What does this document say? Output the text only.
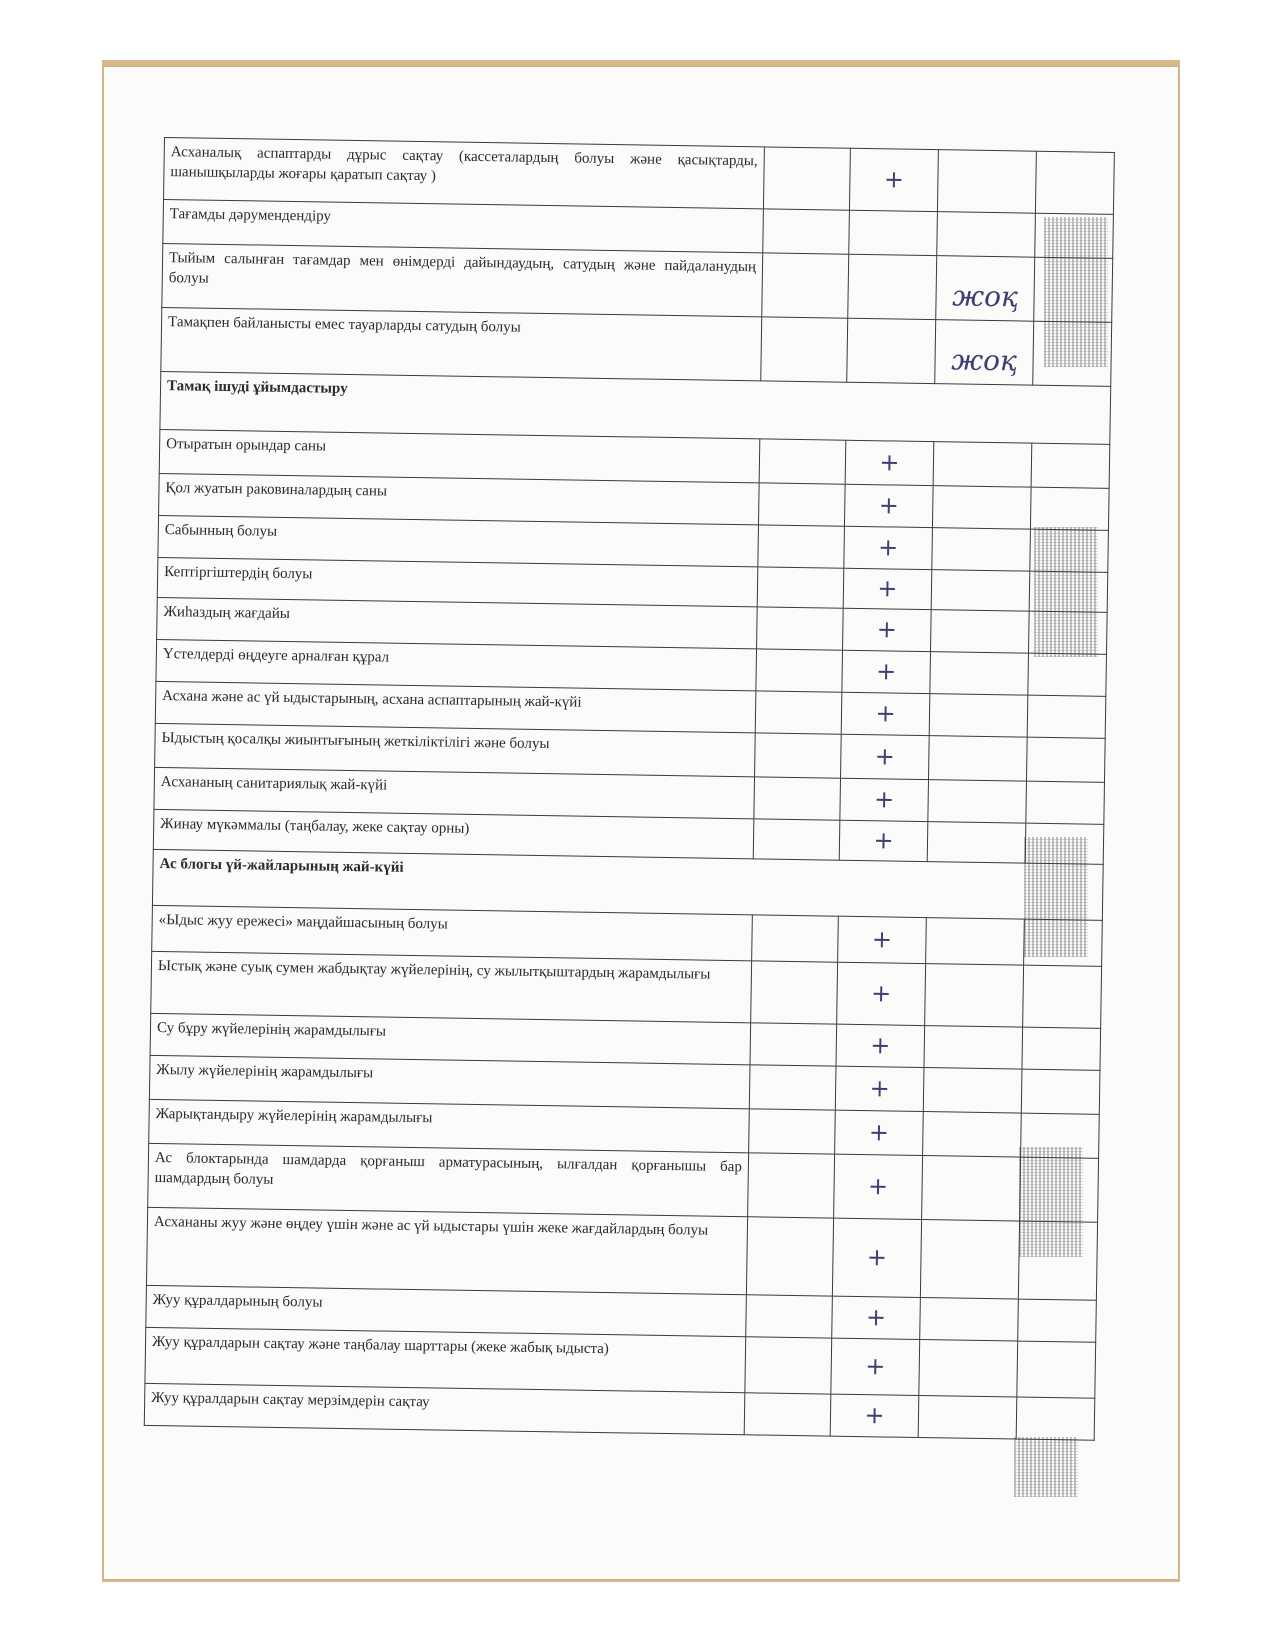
Асханалық аспаптарды дұрыс сақтау (кассеталардың болуы және қасықтарды, шанышқыларды жоғары қаратып сақтау )		+		
Тағамды дәрумендендіру				
Тыйым салынған тағамдар мен өнімдерді дайындаудың, сатудың және пайдаланудың болуы			жоқ	
Тамақпен байланысты емес тауарларды сатудың болуы			жоқ	
Тамақ ішуді ұйымдастыру				
Отыратын орындар саны		+		
Қол жуатын раковиналардың саны		+		
Сабынның болуы		+		
Кептіргіштердің болуы		+		
Жиһаздың жағдайы		+		
Үстелдерді өңдеуге арналған құрал		+		
Асхана және ас үй ыдыстарының, асхана аспаптарының жай-күйі		+		
Ыдыстың қосалқы жиынтығының жеткіліктілігі және болуы		+		
Асхананың санитариялық жай-күйі		+		
Жинау мүкәммалы (таңбалау, жеке сақтау орны)		+		
Ас блогы үй-жайларының жай-күйі				
«Ыдыс жуу ережесі» маңдайшасының болуы		+		
Ыстық және суық сумен жабдықтау жүйелерінің, су жылытқыштардың жарамдылығы		+		
Су бұру жүйелерінің жарамдылығы		+		
Жылу жүйелерінің жарамдылығы		+		
Жарықтандыру жүйелерінің жарамдылығы		+		
Ас блоктарында шамдарда қорғаныш арматурасының, ылғалдан қорғанышы бар шамдардың болуы		+		
Асхананы жуу және өңдеу үшін және ас үй ыдыстары үшін жеке жағдайлардың болуы		+		
Жуу құралдарының болуы		+		
Жуу құралдарын сақтау және таңбалау шарттары (жеке жабық ыдыста)		+		
Жуу құралдарын сақтау мерзімдерін сақтау		+		
